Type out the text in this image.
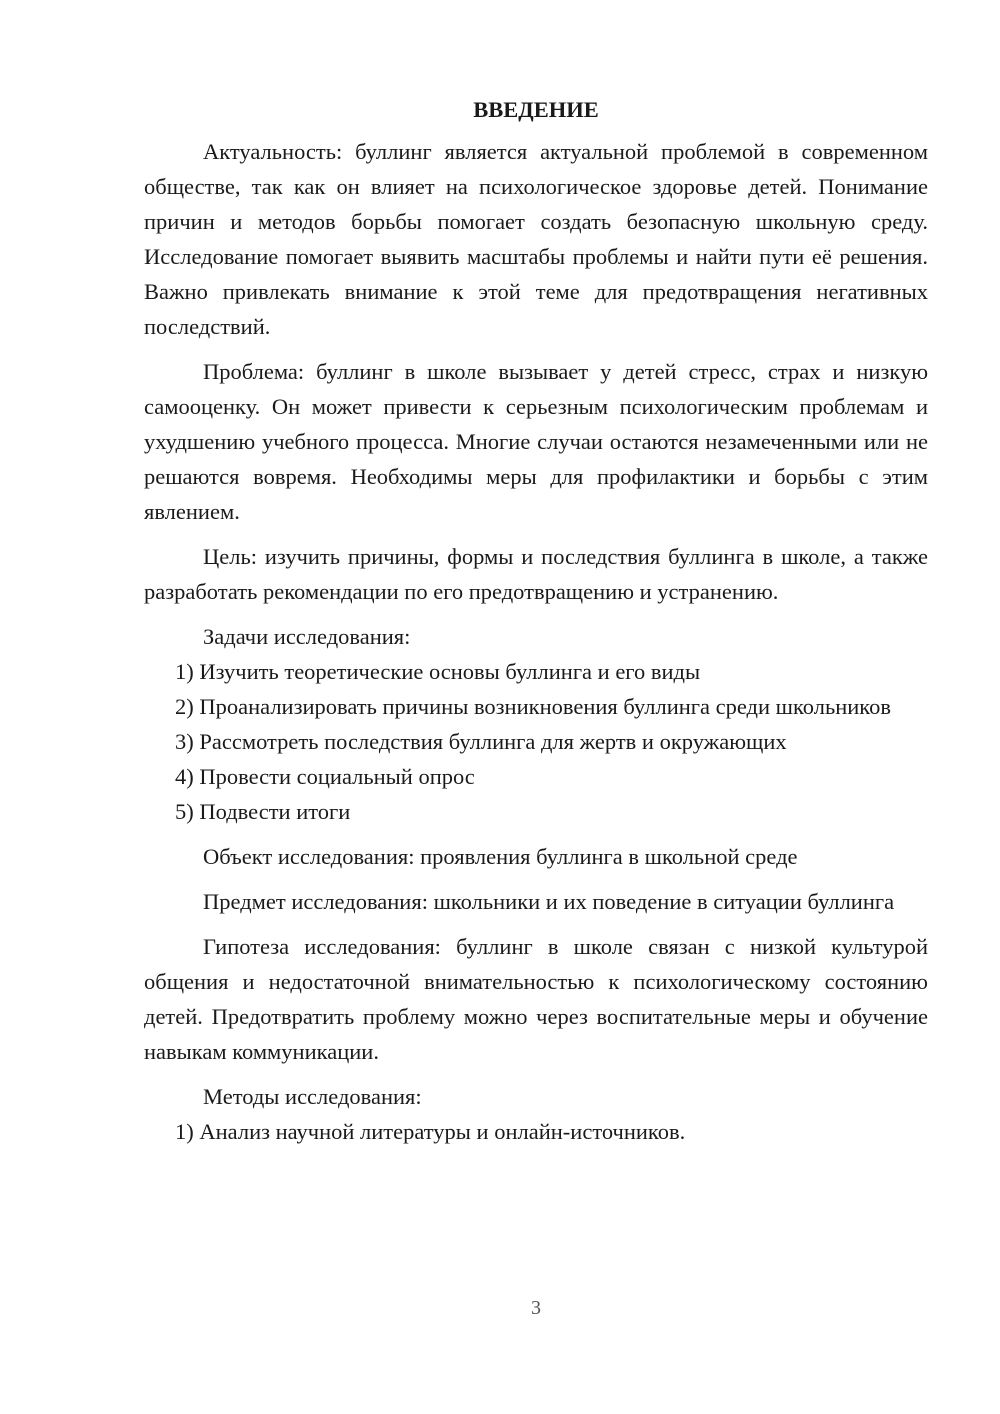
ВВЕДЕНИЕ

Актуальность: буллинг является актуальной проблемой в современном обществе, так как он влияет на психологическое здоровье детей. Понимание причин и методов борьбы помогает создать безопасную школьную среду. Исследование помогает выявить масштабы проблемы и найти пути её решения. Важно привлекать внимание к этой теме для предотвращения негативных последствий.

Проблема: буллинг в школе вызывает у детей стресс, страх и низкую самооценку. Он может привести к серьезным психологическим проблемам и ухудшению учебного процесса. Многие случаи остаются незамеченными или не решаются вовремя. Необходимы меры для профилактики и борьбы с этим явлением.

Цель: изучить причины, формы и последствия буллинга в школе, а также разработать рекомендации по его предотвращению и устранению.

Задачи исследования:

1) Изучить теоретические основы буллинга и его виды

2) Проанализировать причины возникновения буллинга среди школьников

3) Рассмотреть последствия буллинга для жертв и окружающих

4) Провести социальный опрос

5) Подвести итоги

Объект исследования: проявления буллинга в школьной среде

Предмет исследования: школьники и их поведение в ситуации буллинга

Гипотеза исследования: буллинг в школе связан с низкой культурой общения и недостаточной внимательностью к психологическому состоянию детей. Предотвратить проблему можно через воспитательные меры и обучение навыкам коммуникации.

Методы исследования:

1) Анализ научной литературы и онлайн-источников.

3
